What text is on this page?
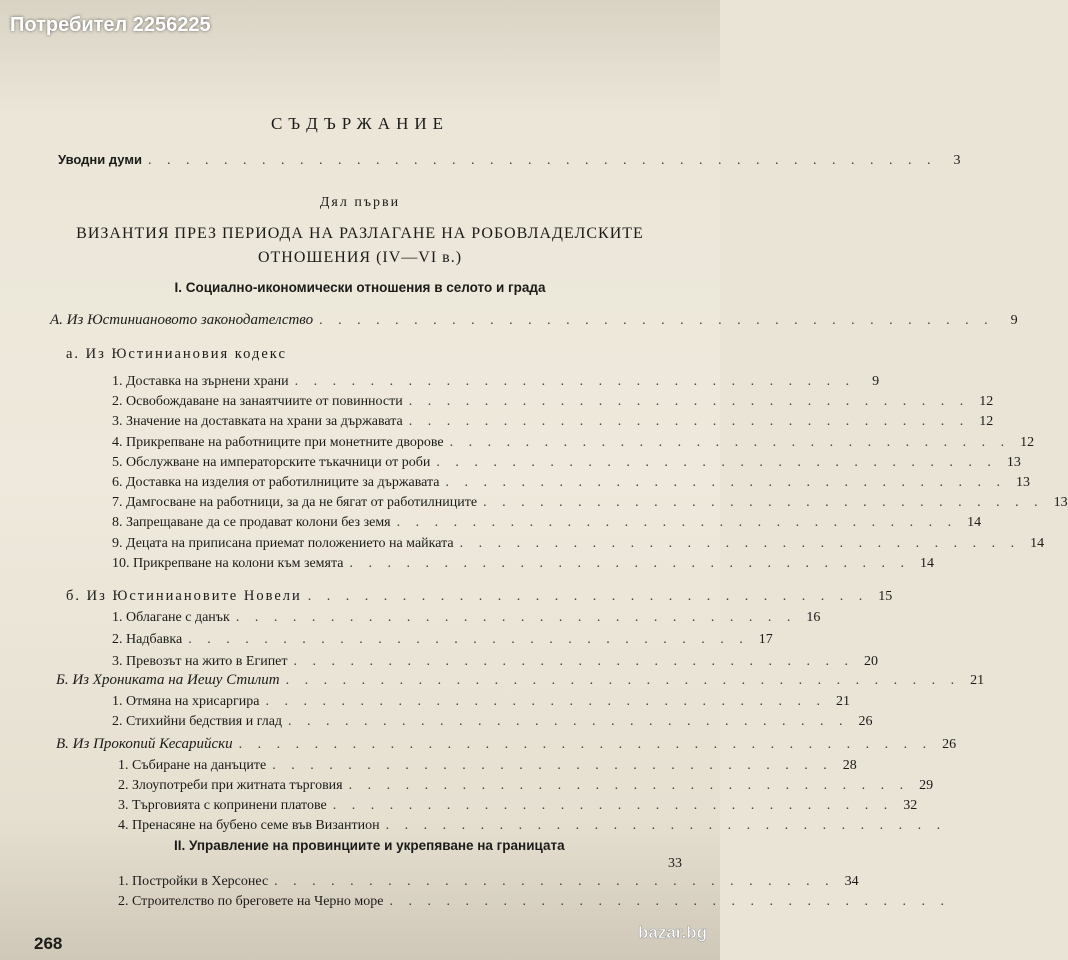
Потребител 2256225
СЪДЪРЖАНИЕ
Уводни думи . . . . . . . . . . . . . . . . . . . . . . . . . . . . . . . . . . . . . . . . . .	3
Дял първи
ВИЗАНТИЯ ПРЕЗ ПЕРИОДА НА РАЗЛАГАНЕ НА РОБОВЛАДЕЛСКИТЕ
ОТНОШЕНИЯ (IV—VI в.)
I. Социално-икономически отношения в селото и града
А. Из Юстиниановото законодателство . . . . . . . . . . . . . . . . . . . . . . . . . . . . . . . . . . . .	9
а. Из Юстиниановия кодекс
1. Доставка на зърнени храни . . . . . . . . . . . . . . . . . . . . . . . . . . . . . .	9
2. Освобождаване на занаятчиите от повинности . . . . . . . . . . . . . . . . . . . . . . . . . . . . . . 12
3. Значение на доставката на храни за държавата . . . . . . . . . . . . . . . . . . . . . . . . . . . . . . 12
4. Прикрепване на работниците при монетните дворове . . . . . . . . . . . . . . . . . . . . . . . . . . . . . . 12
5. Обслужване на императорските тъкачници от роби . . . . . . . . . . . . . . . . . . . . . . . . . . . . . . 13
6. Доставка на изделия от работилниците за държавата . . . . . . . . . . . . . . . . . . . . . . . . . . . . . . 13
7. Дамгосване на работници, за да не бягат от работилниците . . . . . . . . . . . . . . . . . . . . . . . . . . . . . . 13
8. Запрещаване да се продават колони без земя . . . . . . . . . . . . . . . . . . . . . . . . . . . . . . 14
9. Децата на приписана приемат положението на майката . . . . . . . . . . . . . . . . . . . . . . . . . . . . . . 14
10. Прикрепване на колони към земята . . . . . . . . . . . . . . . . . . . . . . . . . . . . . . 14
б. Из Юстиниановите Новели . . . . . . . . . . . . . . . . . . . . . . . . . . . . . . 15
1. Облагане с данък . . . . . . . . . . . . . . . . . . . . . . . . . . . . . . 16
2. Надбавка . . . . . . . . . . . . . . . . . . . . . . . . . . . . . . 17
3. Превозът на жито в Египет . . . . . . . . . . . . . . . . . . . . . . . . . . . . . . 20
Б. Из Хрониката на Иешу Стилит . . . . . . . . . . . . . . . . . . . . . . . . . . . . . . . . . . . . 21
1. Отмяна на хрисаргира . . . . . . . . . . . . . . . . . . . . . . . . . . . . . . 21
2. Стихийни бедствия и глад . . . . . . . . . . . . . . . . . . . . . . . . . . . . . . 26
В. Из Прокопий Кесарийски . . . . . . . . . . . . . . . . . . . . . . . . . . . . . . . . . . . . . 26
1. Събиране на данъците . . . . . . . . . . . . . . . . . . . . . . . . . . . . . . 28
2. Злоупотреби при житната търговия . . . . . . . . . . . . . . . . . . . . . . . . . . . . . . 29
3. Търговията с копринени платове . . . . . . . . . . . . . . . . . . . . . . . . . . . . . . 32
4. Пренасяне на бубено семе във Византион . . . . . . . . . . . . . . . . . . . . . . . . . . . . . .
II. Управление на провинциите и укрепяване на границата
33
1. Постройки в Херсонес . . . . . . . . . . . . . . . . . . . . . . . . . . . . . . 34
2. Строителство по бреговете на Черно море . . . . . . . . . . . . . . . . . . . . . . . . . . . . . .
268
bazar.bg
